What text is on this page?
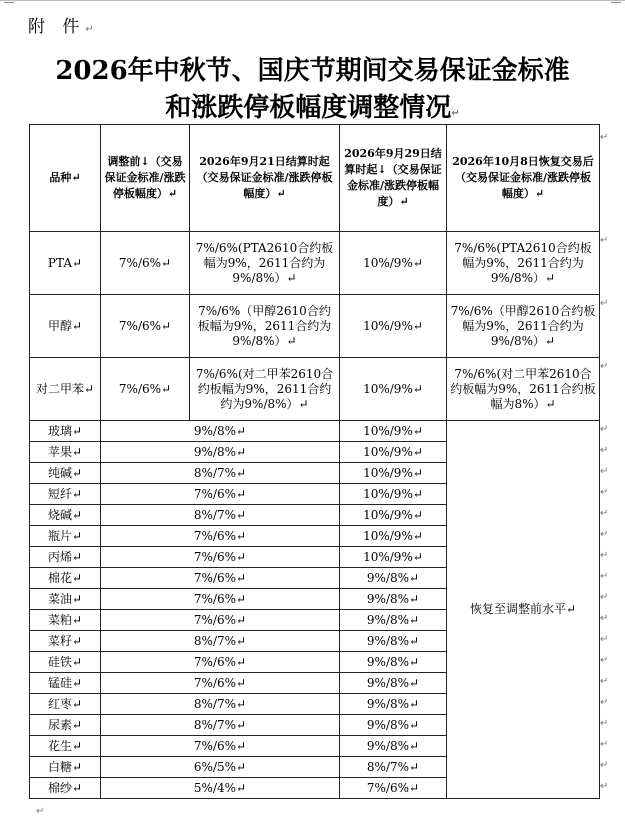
附 件↵
2026年中秋节、国庆节期间交易保证金标准
和涨跌停板幅度调整情况↵
品种↵	调整前↓（交易保证金标准/涨跌停板幅度）↵	2026年9月21日结算时起（交易保证金标准/涨跌停板幅度）↵	2026年9月29日结算时起↓（交易保证金标准/涨跌停板幅度）↵	2026年10月8日恢复交易后（交易保证金标准/涨跌停板幅度）↵
PTA↵	7%/6%↵	7%/6%(PTA2610合约板幅为9%，2611合约为9%/8%）↵	10%/9%↵	7%/6%(PTA2610合约板幅为9%，2611合约为9%/8%）↵
甲醇↵	7%/6%↵	7%/6%（甲醇2610合约板幅为9%，2611合约为9%/8%）↵	10%/9%↵	7%/6%（甲醇2610合约板幅为9%，2611合约为9%/8%）↵
对二甲苯↵	7%/6%↵	7%/6%(对二甲苯2610合约板幅为9%，2611合约约为9%/8%）↵	10%/9%↵	7%/6%(对二甲苯2610合约板幅为9%，2611合约板幅为8%）↵
玻璃↵	9%/8%↵		10%/9%↵	恢复至调整前水平↵
苹果↵	9%/8%↵		10%/9%↵	
纯碱↵	8%/7%↵		10%/9%↵	
短纤↵	7%/6%↵		10%/9%↵	
烧碱↵	8%/7%↵		10%/9%↵	
瓶片↵	7%/6%↵		10%/9%↵	
丙烯↵	7%/6%↵		10%/9%↵	
棉花↵	7%/6%↵		9%/8%↵	
菜油↵	7%/6%↵		9%/8%↵	
菜粕↵	7%/6%↵		9%/8%↵	
菜籽↵	8%/7%↵		9%/8%↵	
硅铁↵	7%/6%↵		9%/8%↵	
锰硅↵	7%/6%↵		9%/8%↵	
红枣↵	8%/7%↵		9%/8%↵	
尿素↵	8%/7%↵		9%/8%↵	
花生↵	7%/6%↵		9%/8%↵	
白糖↵	6%/5%↵		8%/7%↵	
棉纱↵	5%/4%↵		7%/6%↵	
↵
↵
↵
↵
↵
↵
↵
↵
↵
↵
↵
↵
↵
↵
↵
↵
↵
↵
↵
↵
↵
↵
↵
